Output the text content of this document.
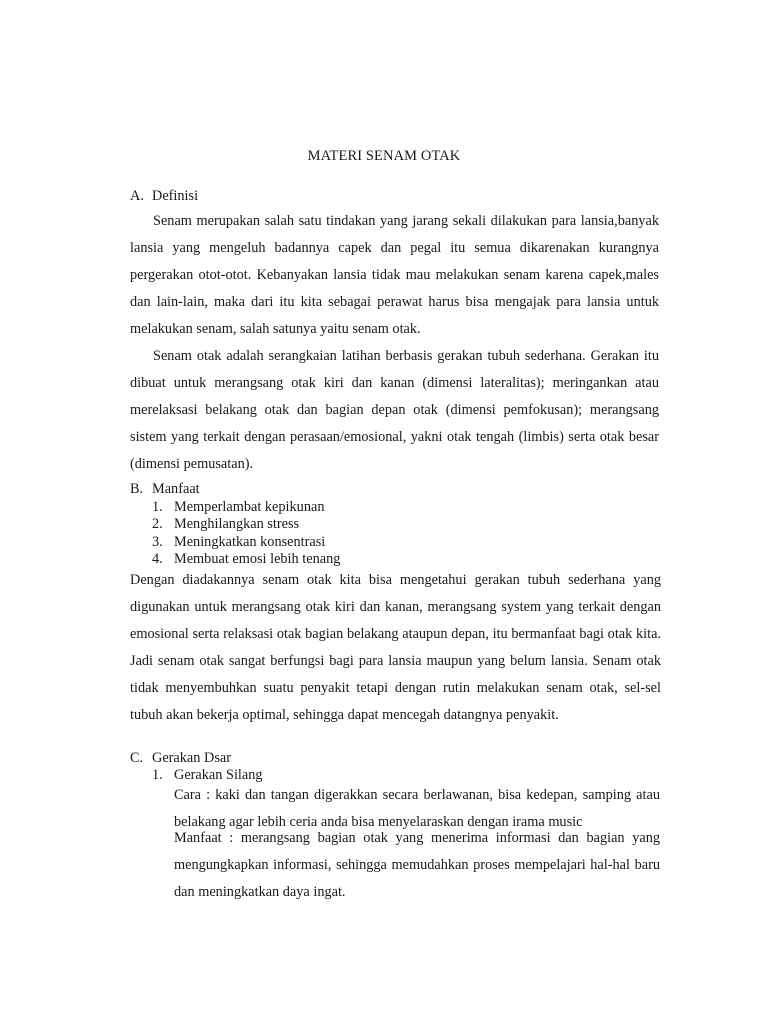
MATERI SENAM OTAK
A. Definisi

Senam merupakan salah satu tindakan yang jarang sekali dilakukan para lansia,banyak lansia yang mengeluh badannya capek dan pegal itu semua dikarenakan kurangnya pergerakan otot-otot. Kebanyakan lansia tidak mau melakukan senam karena capek,males dan lain-lain, maka dari itu kita sebagai perawat harus bisa mengajak para lansia untuk melakukan senam, salah satunya yaitu senam otak.

Senam otak adalah serangkaian latihan berbasis gerakan tubuh sederhana. Gerakan itu dibuat untuk merangsang otak kiri dan kanan (dimensi lateralitas); meringankan atau merelaksasi belakang otak dan bagian depan otak (dimensi pemfokusan); merangsang sistem yang terkait dengan perasaan/emosional, yakni otak tengah (limbis) serta otak besar (dimensi pemusatan).

B. Manfaat
1. Memperlambat kepikunan
2. Menghilangkan stress
3. Meningkatkan konsentrasi
4. Membuat emosi lebih tenang

Dengan diadakannya senam otak kita bisa mengetahui gerakan tubuh sederhana yang digunakan untuk merangsang otak kiri dan kanan, merangsang system yang terkait dengan emosional serta relaksasi otak bagian belakang ataupun depan, itu bermanfaat bagi otak kita. Jadi senam otak sangat berfungsi bagi para lansia maupun yang belum lansia. Senam otak tidak menyembuhkan suatu penyakit tetapi dengan rutin melakukan senam otak, sel-sel tubuh akan bekerja optimal, sehingga dapat mencegah datangnya penyakit.

C. Gerakan Dsar
1. Gerakan Silang

Cara : kaki dan tangan digerakkan secara berlawanan, bisa kedepan, samping atau belakang agar lebih ceria anda bisa menyelaraskan dengan irama music

Manfaat : merangsang bagian otak yang menerima informasi dan bagian yang mengungkapkan informasi, sehingga memudahkan proses mempelajari hal-hal baru dan meningkatkan daya ingat.
